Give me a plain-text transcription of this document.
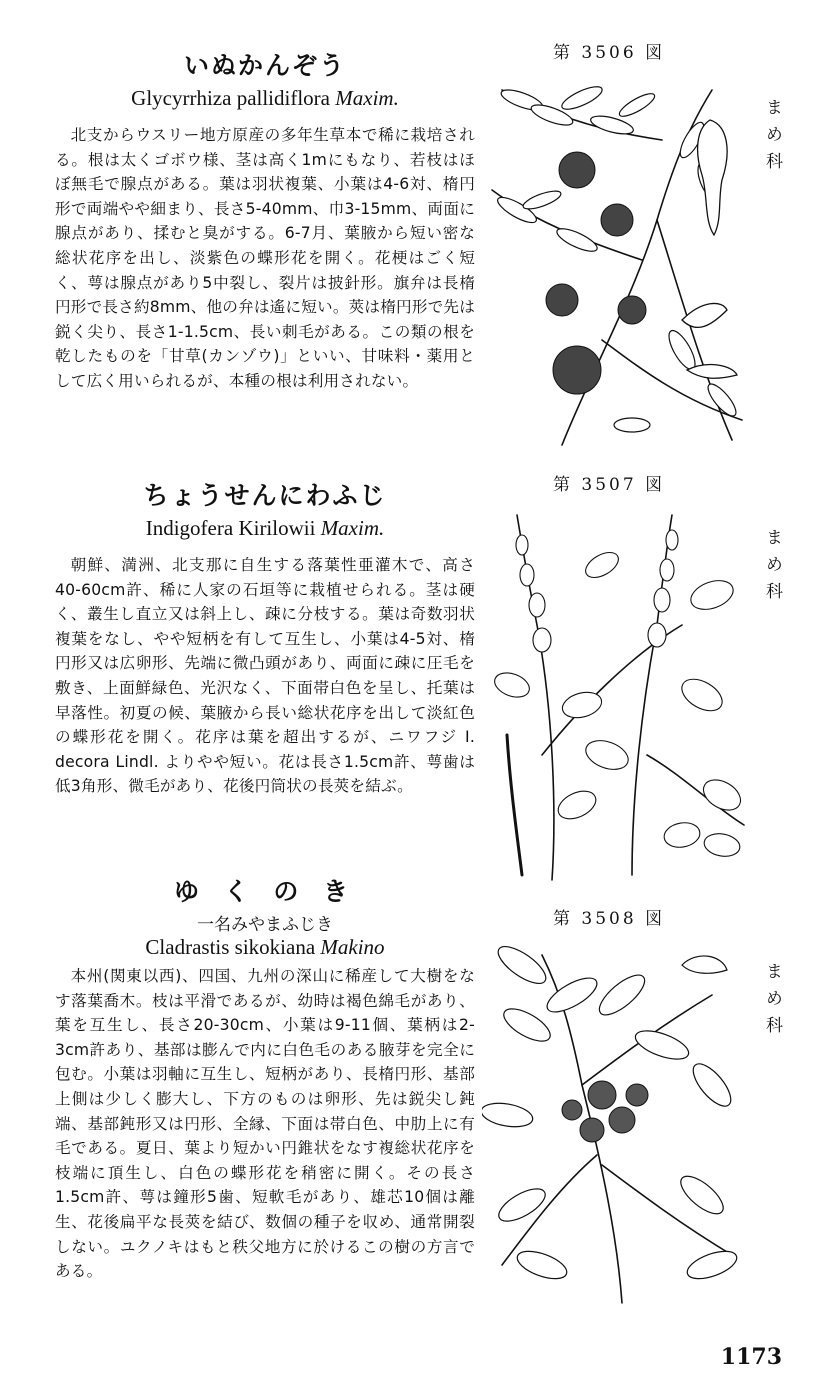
いぬかんぞう

Glycyrrhiza pallidiflora Maxim.

北支からウスリー地方原産の多年生草本で稀に栽培される。根は太くゴボウ様、茎は高く1mにもなり、若枝はほぼ無毛で腺点がある。葉は羽状複葉、小葉は4-6対、楕円形で両端やや細まり、長さ5-40mm、巾3-15mm、両面に腺点があり、揉むと臭がする。6-7月、葉腋から短い密な総状花序を出し、淡紫色の蝶形花を開く。花梗はごく短く、萼は腺点があり5中裂し、裂片は披針形。旗弁は長楕円形で長さ約8mm、他の弁は遙に短い。莢は楕円形で先は鋭く尖り、長さ1-1.5cm、長い刺毛がある。この類の根を乾したものを「甘草(カンゾウ)」といい、甘味料・薬用として広く用いられるが、本種の根は利用されない。

ちょうせんにわふじ

Indigofera Kirilowii Maxim.

朝鮮、満洲、北支那に自生する落葉性亜灌木で、高さ40-60cm許、稀に人家の石垣等に栽植せられる。茎は硬く、叢生し直立又は斜上し、疎に分枝する。葉は奇数羽状複葉をなし、やや短柄を有して互生し、小葉は4-5対、楕円形又は広卵形、先端に微凸頭があり、両面に疎に圧毛を敷き、上面鮮緑色、光沢なく、下面帯白色を呈し、托葉は早落性。初夏の候、葉腋から長い総状花序を出して淡紅色の蝶形花を開く。花序は葉を超出するが、ニワフジ I. decora Lindl. よりやや短い。花は長さ1.5cm許、萼歯は低3角形、微毛があり、花後円筒状の長莢を結ぶ。

ゆ く の き

一名みやまふじき

Cladrastis sikokiana Makino

本州(関東以西)、四国、九州の深山に稀産して大樹をなす落葉喬木。枝は平滑であるが、幼時は褐色綿毛があり、葉を互生し、長さ20-30cm、小葉は9-11個、葉柄は2-3cm許あり、基部は膨んで内に白色毛のある腋芽を完全に包む。小葉は羽軸に互生し、短柄があり、長楕円形、基部上側は少しく膨大し、下方のものは卵形、先は鋭尖し鈍端、基部鈍形又は円形、全縁、下面は帯白色、中肋上に有毛である。夏日、葉より短かい円錐状をなす複総状花序を枝端に頂生し、白色の蝶形花を稍密に開く。その長さ1.5cm許、萼は鐘形5歯、短軟毛があり、雄芯10個は離生、花後扁平な長莢を結び、数個の種子を収め、通常開裂しない。ユクノキはもと秩父地方に於けるこの樹の方言である。

第 3506 図
第 3507 図
第 3508 図
まめ科
まめ科
まめ科
1173
